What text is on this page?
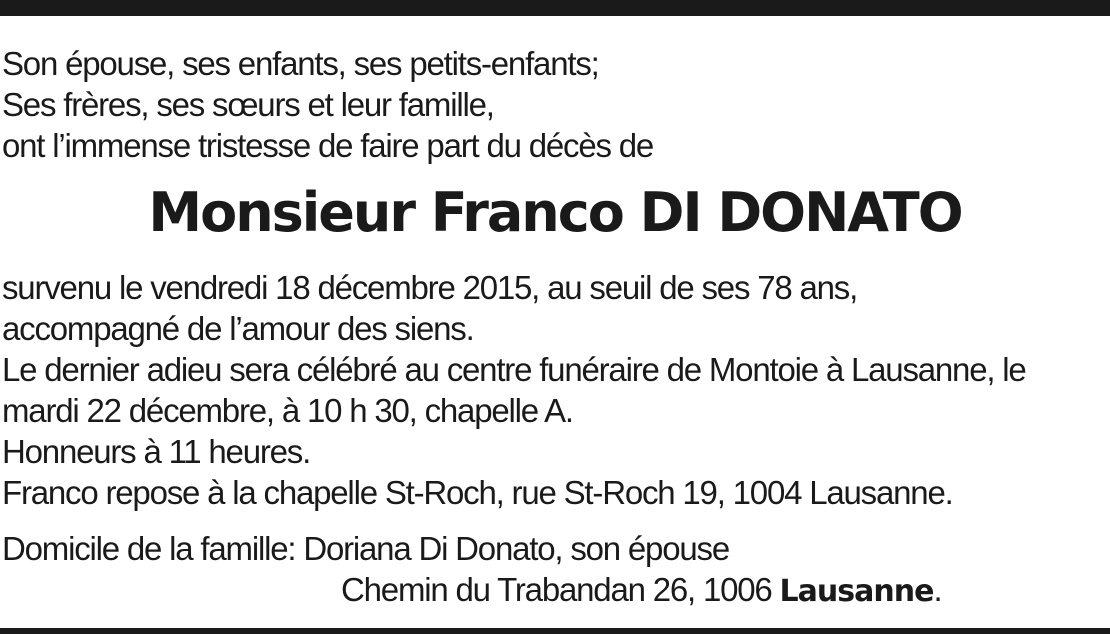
Son épouse, ses enfants, ses petits-enfants;
Ses frères, ses sœurs et leur famille,
ont l’immense tristesse de faire part du décès de
Monsieur Franco DI DONATO
survenu le vendredi 18 décembre 2015, au seuil de ses 78 ans,
accompagné de l’amour des siens.
Le dernier adieu sera célébré au centre funéraire de Montoie à Lausanne, le
mardi 22 décembre, à 10 h 30, chapelle A.
Honneurs à 11 heures.
Franco repose à la chapelle St-Roch, rue St-Roch 19, 1004 Lausanne.
Domicile de la famille: Doriana Di Donato, son épouse
Chemin du Trabandan 26, 1006 Lausanne.
